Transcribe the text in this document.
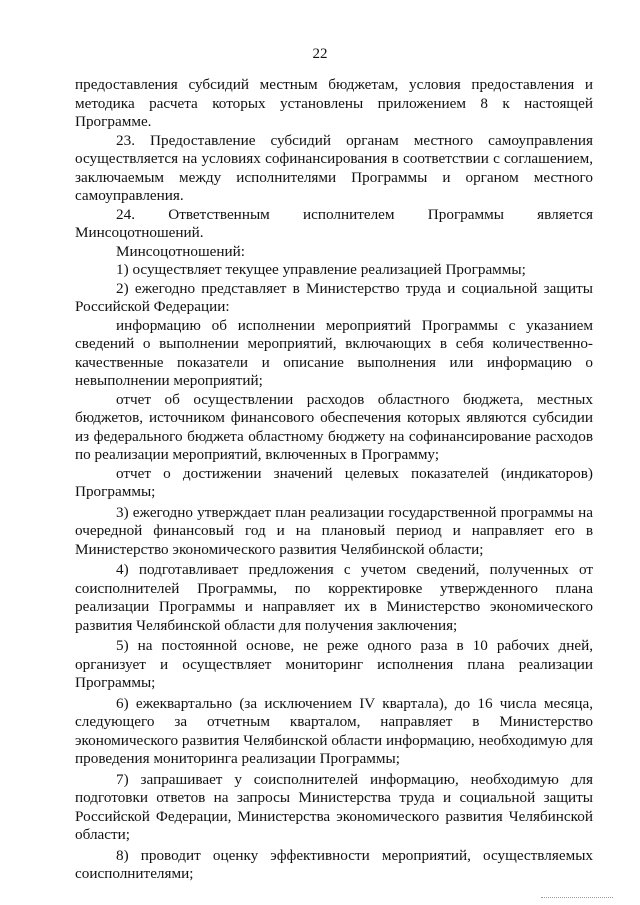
22

предоставления субсидий местным бюджетам, условия предоставления и методика расчета которых установлены приложением 8 к настоящей Программе.

23. Предоставление субсидий органам местного самоуправления осуществляется на условиях софинансирования в соответствии с соглашением, заключаемым между исполнителями Программы и органом местного самоуправления.

24. Ответственным исполнителем Программы является Минсоцотношений.

Минсоцотношений:

1) осуществляет текущее управление реализацией Программы;

2) ежегодно представляет в Министерство труда и социальной защиты Российской Федерации:

информацию об исполнении мероприятий Программы с указанием сведений о выполнении мероприятий, включающих в себя количественно-качественные показатели и описание выполнения или информацию о невыполнении мероприятий;

отчет об осуществлении расходов областного бюджета, местных бюджетов, источником финансового обеспечения которых являются субсидии из федерального бюджета областному бюджету на софинансирование расходов по реализации мероприятий, включенных в Программу;

отчет о достижении значений целевых показателей (индикаторов) Программы;

3) ежегодно утверждает план реализации государственной программы на очередной финансовый год и на плановый период и направляет его в Министерство экономического развития Челябинской области;

4) подготавливает предложения с учетом сведений, полученных от соисполнителей Программы, по корректировке утвержденного плана реализации Программы и направляет их в Министерство экономического развития Челябинской области для получения заключения;

5) на постоянной основе, не реже одного раза в 10 рабочих дней, организует и осуществляет мониторинг исполнения плана реализации Программы;

6) ежеквартально (за исключением IV квартала), до 16 числа месяца, следующего за отчетным кварталом, направляет в Министерство экономического развития Челябинской области информацию, необходимую для проведения мониторинга реализации Программы;

7) запрашивает у соисполнителей информацию, необходимую для подготовки ответов на запросы Министерства труда и социальной защиты Российской Федерации, Министерства экономического развития Челябинской области;

8) проводит оценку эффективности мероприятий, осуществляемых соисполнителями;
